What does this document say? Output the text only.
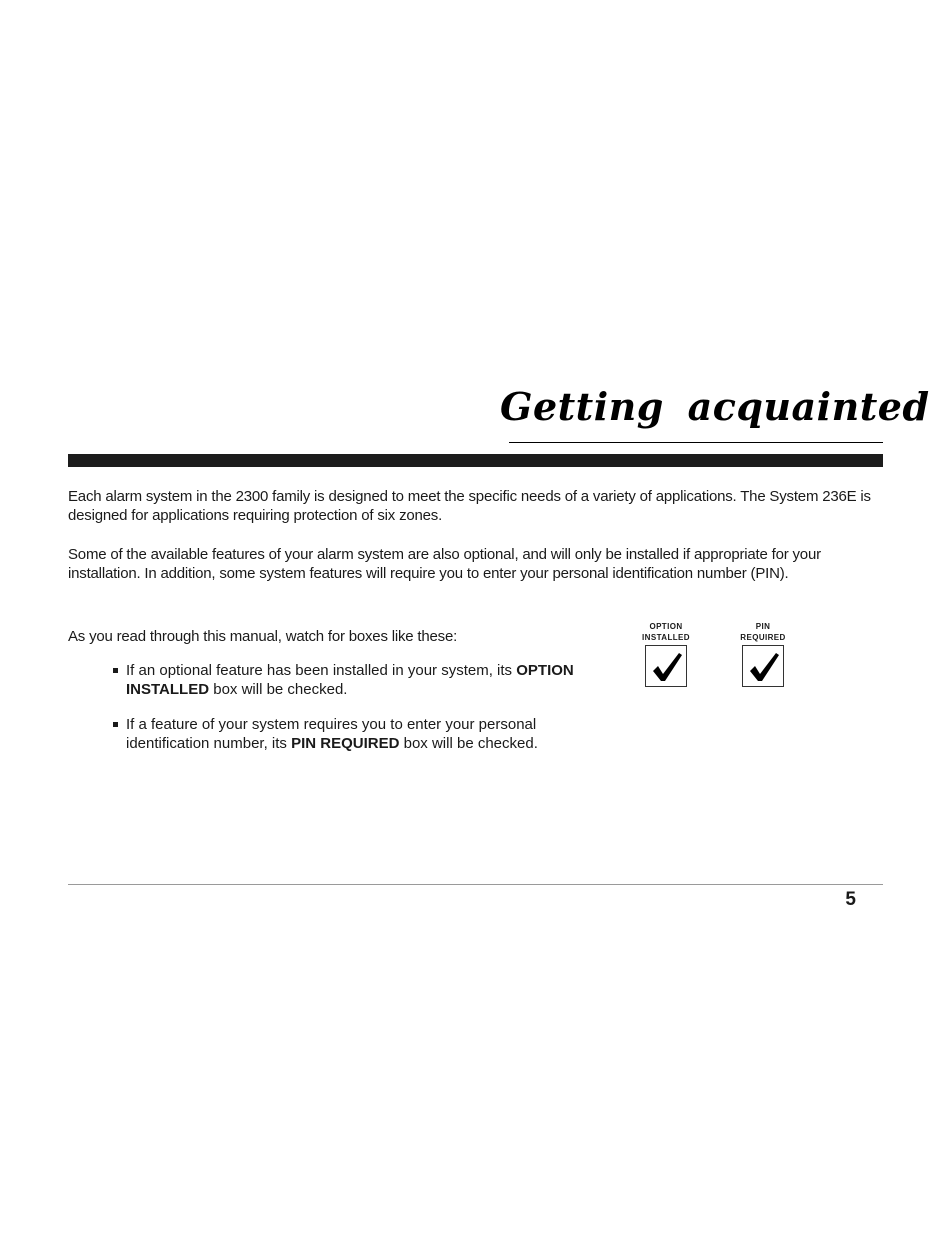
Getting acquainted

Each alarm system in the 2300 family is designed to meet the specific needs of a variety of applications. The System 236E is designed for applications requiring protection of six zones.

Some of the available features of your alarm system are also optional, and will only be installed if appropriate for your installation. In addition, some system features will require you to enter your personal identification number (PIN).

As you read through this manual, watch for boxes like these:

If an optional feature has been installed in your system, its OPTION INSTALLED box will be checked.
If a feature of your system requires you to enter your personal identification number, its PIN REQUIRED box will be checked.
OPTION
INSTALLED
PIN
REQUIRED
5
